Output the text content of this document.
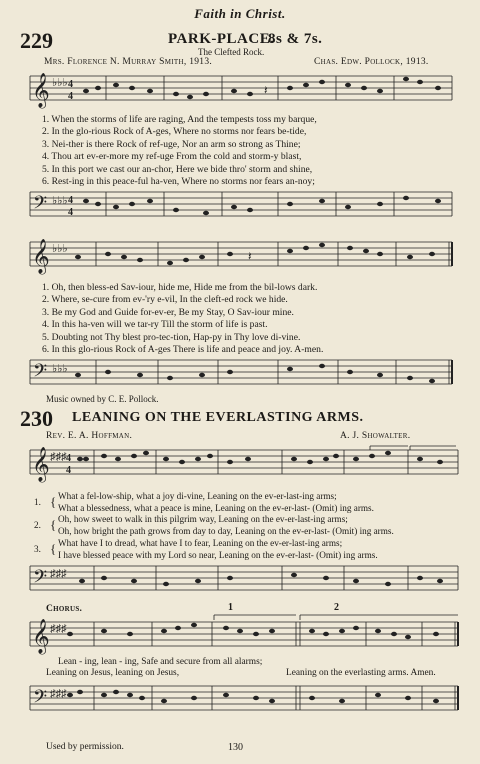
Faith in Christ.
229	PARK-PLACE.
8s & 7s.
The Clefted Rock.
Mrs. Florence N. Murray Smith, 1913.	Chas. Edw. Pollock, 1913.
𝄞 ♭♭♭ 4
4	𝄽
1. When the storms of life are raging, And the tempests toss my barque,
2. In the glo-rious Rock of A-ges, Where no storms nor fears be-tide,
3. Nei-ther is there Rock of ref-uge, Nor an arm so strong as Thine;
4. Thou art ev-er-more my ref-uge From the cold and storm-y blast,
5. In this port we cast our an-chor, Here we bide thro' storm and shine,
6. Rest-ing in this peace-ful ha-ven, Where no storms nor fears an-noy;
𝄢 ♭♭♭ 4
4
𝄞 ♭♭♭	𝄽
1. Oh, then bless-ed Sav-iour, hide me, Hide me from the bil-lows dark.
2. Where, se-cure from ev-'ry e-vil, In the cleft-ed rock we hide.
3. Be my God and Guide for-ev-er, Be my Stay, O Sav-iour mine.
4. In this ha-ven will we tar-ry Till the storm of life is past.
5. Doubting not Thy blest pro-tec-tion, Hap-py in Thy love di-vine.
6. In this glo-rious Rock of A-ges There is life and peace and joy. A-men.
𝄢 ♭♭♭
Music owned by C. E. Pollock.
230 LEANING ON THE EVERLASTING ARMS.
Rev. E. A. Hoffman.	A. J. Showalter.
𝄞 ♯♯♯ 4
4
1.
2.
3.
{
{
{
What a fel-low-ship, what a joy di-vine, Leaning on the ev-er-last-ing arms;
What a blessedness, what a peace is mine, Leaning on the ev-er-last- (Omit) ing arms.
Oh, how sweet to walk in this pilgrim way, Leaning on the ev-er-last-ing arms;
Oh, how bright the path grows from day to day, Leaning on the ev-er-last- (Omit) ing arms.
What have I to dread, what have I to fear, Leaning on the ev-er-last-ing arms;
I have blessed peace with my Lord so near, Leaning on the ev-er-last- (Omit) ing arms.
𝄢 ♯♯♯
Chorus.	1	2
𝄞 ♯♯♯
Lean - ing, lean - ing, Safe and secure from all alarms;
Leaning on Jesus, leaning on Jesus,	Leaning on the everlasting arms. Amen.
𝄢 ♯♯♯
Used by permission.	130
